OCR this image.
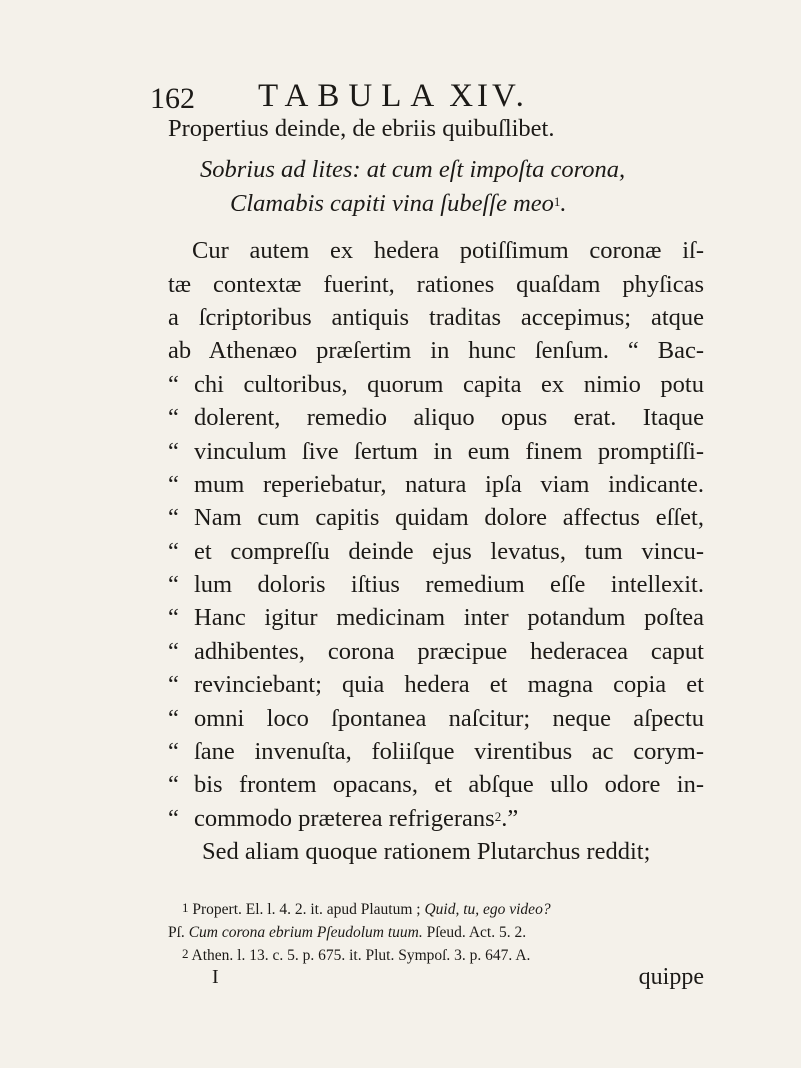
162 TABULA XIV.
Propertius deinde, de ebriis quibuſlibet.
Sobrius ad lites: at cum eſt impoſta corona,
Clamabis capiti vina ſubeſſe meo$^1$.
Cur autem ex hedera potiſſimum coronæ iſ-
tæ contextæ fuerint, rationes quaſdam phyſicas
a ſcriptoribus antiquis traditas accepimus; atque
ab Athenæo præſertim in hunc ſenſum. “ Bac-
“ chi cultoribus, quorum capita ex nimio potu
“ dolerent, remedio aliquo opus erat. Itaque
“ vinculum ſive ſertum in eum finem promptiſſi-
“ mum reperiebatur, natura ipſa viam indicante.
“ Nam cum capitis quidam dolore affectus eſſet,
“ et compreſſu deinde ejus levatus, tum vincu-
“ lum doloris iſtius remedium eſſe intellexit.
“ Hanc igitur medicinam inter potandum poſtea
“ adhibentes, corona præcipue hederacea caput
“ revinciebant; quia hedera et magna copia et
“ omni loco ſpontanea naſcitur; neque aſpectu
“ ſane invenuſta, foliiſque virentibus ac corym-
“ bis frontem opacans, et abſque ullo odore in-
“ commodo præterea refrigerans$^2$.”
Sed aliam quoque rationem Plutarchus reddit;
$^1$ Propert. El. l. 4. 2. it. apud Plautum ; Quid, tu, ego video?
Pſ. Cum corona ebrium Pſeudolum tuum. Pſeud. Act. 5. 2.
$^2$ Athen. l. 13. c. 5. p. 675. it. Plut. Sympoſ. 3. p. 647. A.
I	quippe
